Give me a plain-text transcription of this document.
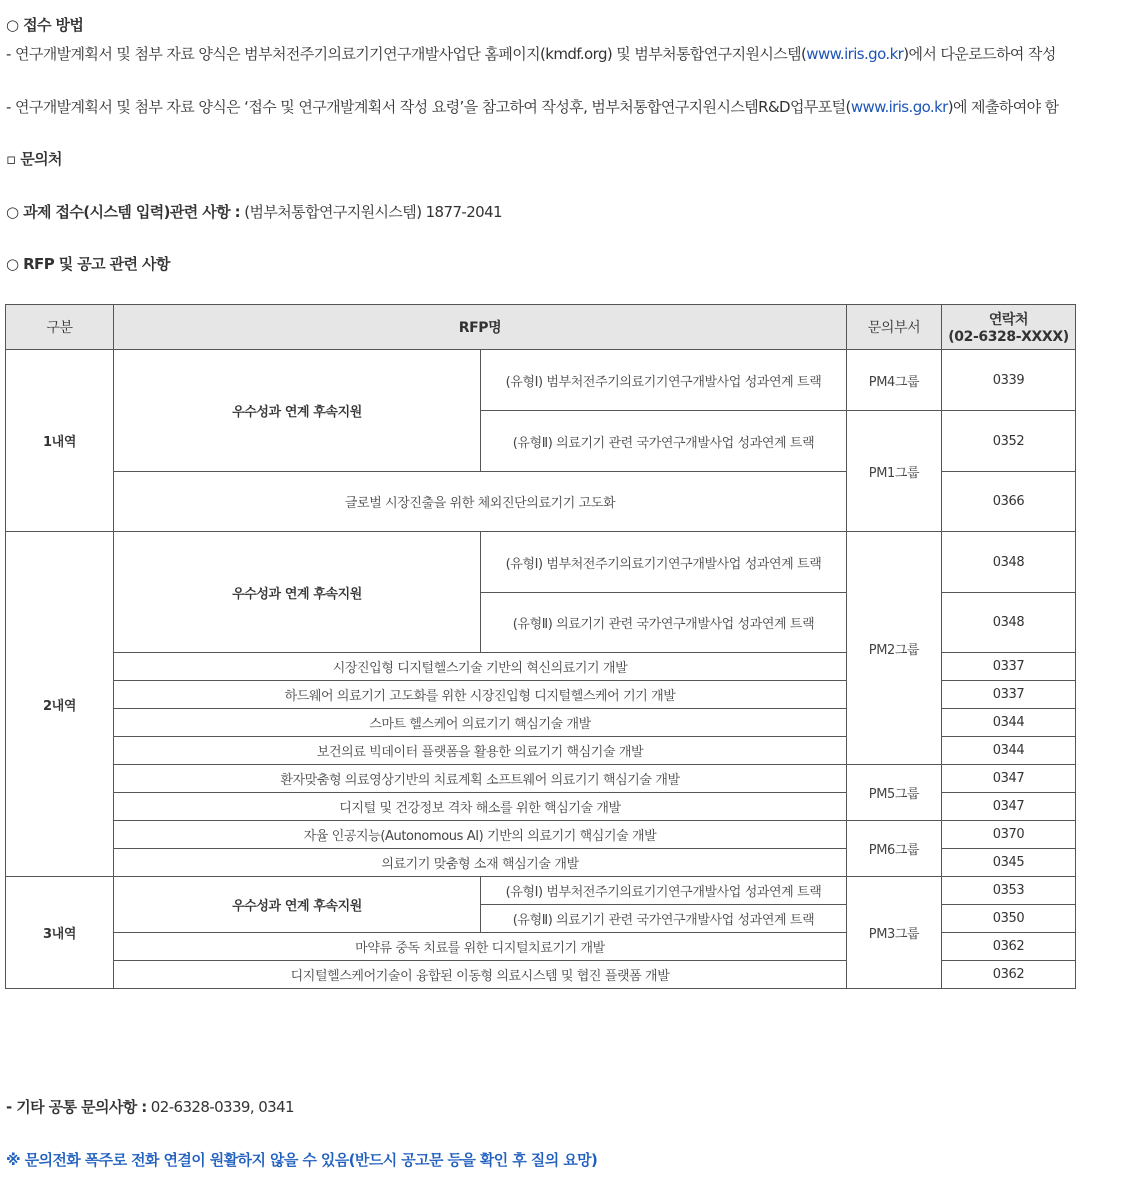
○ 접수 방법
- 연구개발계획서 및 첨부 자료 양식은 범부처전주기의료기기연구개발사업단 홈페이지(kmdf.org) 및 범부처통합연구지원시스템(www.iris.go.kr)에서 다운로드하여 작성
- 연구개발계획서 및 첨부 자료 양식은 ‘접수 및 연구개발계획서 작성 요령’을 참고하여 작성후, 범부처통합연구지원시스템R&D업무포털(www.iris.go.kr)에 제출하여야 함
▫ 문의처
○ 과제 접수(시스템 입력)관련 사항 : (범부처통합연구지원시스템) 1877-2041
○ RFP 및 공고 관련 사항
구분	RFP명		문의부서	연락처
(02-6328-XXXX)
1내역	우수성과 연계 후속지원	(유형Ⅰ) 범부처전주기의료기기연구개발사업 성과연계 트랙	PM4그룹	0339
		(유형Ⅱ) 의료기기 관련 국가연구개발사업 성과연계 트랙	PM1그룹	0352
	글로벌 시장진출을 위한 체외진단의료기기 고도화			0366
2내역	우수성과 연계 후속지원	(유형Ⅰ) 범부처전주기의료기기연구개발사업 성과연계 트랙	PM2그룹	0348
		(유형Ⅱ) 의료기기 관련 국가연구개발사업 성과연계 트랙		0348
	시장진입형 디지털헬스기술 기반의 혁신의료기기 개발			0337
	하드웨어 의료기기 고도화를 위한 시장진입형 디지털헬스케어 기기 개발			0337
	스마트 헬스케어 의료기기 핵심기술 개발			0344
	보건의료 빅데이터 플랫폼을 활용한 의료기기 핵심기술 개발			0344
	환자맞춤형 의료영상기반의 치료계획 소프트웨어 의료기기 핵심기술 개발		PM5그룹	0347
	디지털 및 건강정보 격차 해소를 위한 핵심기술 개발			0347
	자율 인공지능(Autonomous AI) 기반의 의료기기 핵심기술 개발		PM6그룹	0370
	의료기기 맞춤형 소재 핵심기술 개발			0345
3내역	우수성과 연계 후속지원	(유형Ⅰ) 범부처전주기의료기기연구개발사업 성과연계 트랙	PM3그룹	0353
		(유형Ⅱ) 의료기기 관련 국가연구개발사업 성과연계 트랙		0350
	마약류 중독 치료를 위한 디지털치료기기 개발			0362
	디지털헬스케어기술이 융합된 이동형 의료시스템 및 협진 플랫폼 개발			0362
- 기타 공통 문의사항 : 02-6328-0339, 0341
※ 문의전화 폭주로 전화 연결이 원활하지 않을 수 있음(반드시 공고문 등을 확인 후 질의 요망)
